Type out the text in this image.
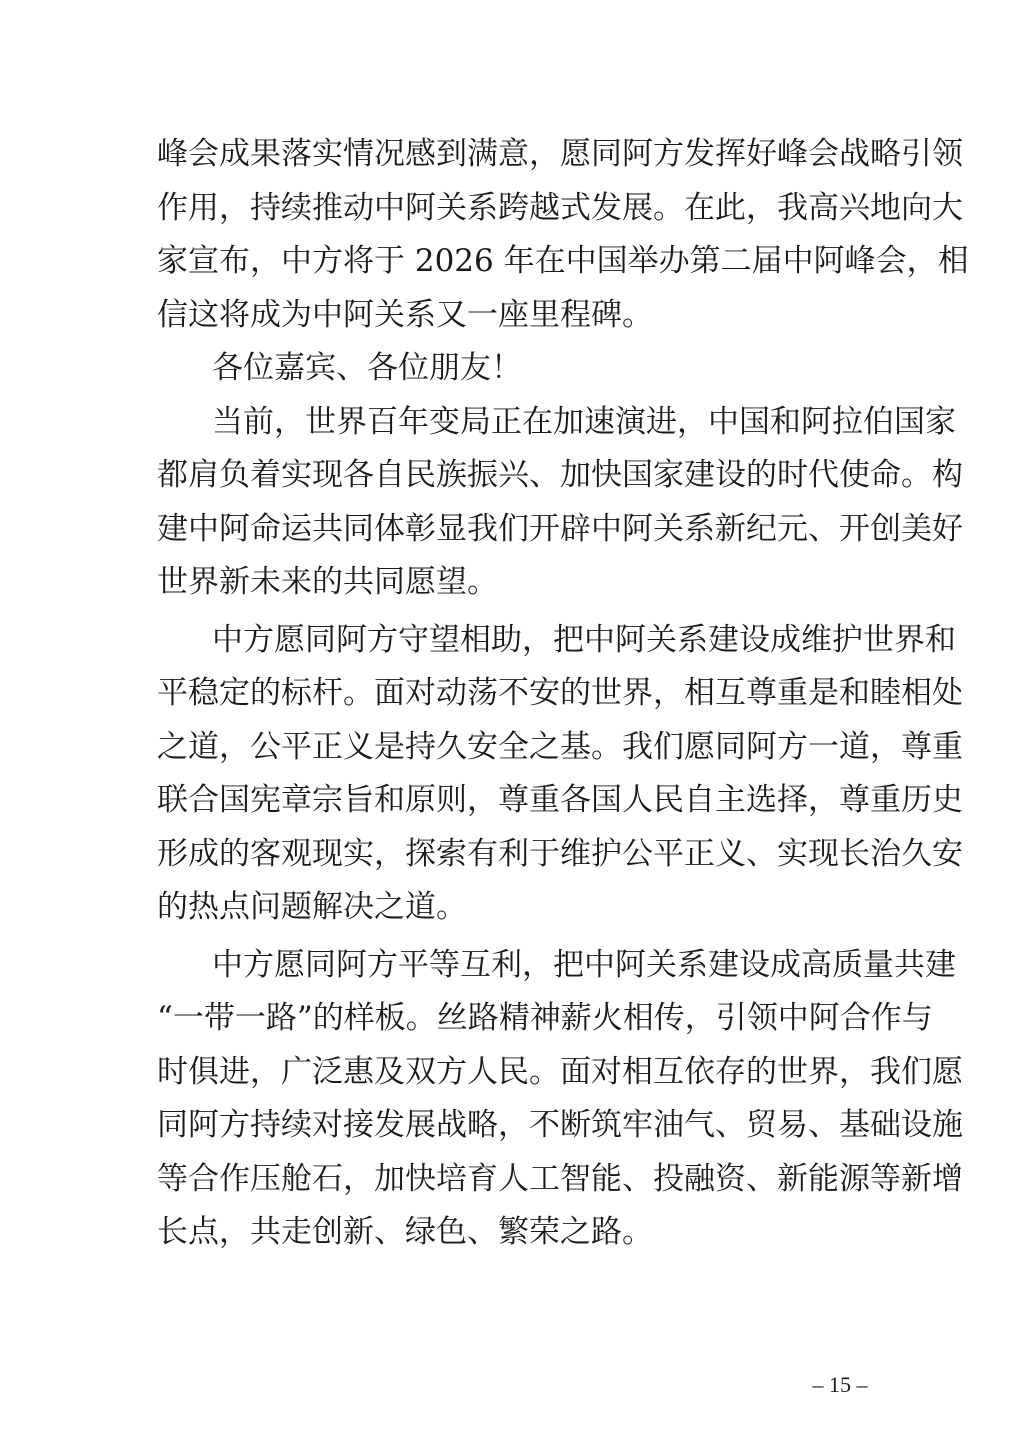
峰会成果落实情况感到满意，愿同阿方发挥好峰会战略引领
作用，持续推动中阿关系跨越式发展。在此，我高兴地向大
家宣布，中方将于 2026 年在中国举办第二届中阿峰会，相
信这将成为中阿关系又一座里程碑。
各位嘉宾、各位朋友！
当前，世界百年变局正在加速演进，中国和阿拉伯国家
都肩负着实现各自民族振兴、加快国家建设的时代使命。构
建中阿命运共同体彰显我们开辟中阿关系新纪元、开创美好
世界新未来的共同愿望。
中方愿同阿方守望相助，把中阿关系建设成维护世界和
平稳定的标杆。面对动荡不安的世界，相互尊重是和睦相处
之道，公平正义是持久安全之基。我们愿同阿方一道，尊重
联合国宪章宗旨和原则，尊重各国人民自主选择，尊重历史
形成的客观现实，探索有利于维护公平正义、实现长治久安
的热点问题解决之道。
中方愿同阿方平等互利，把中阿关系建设成高质量共建
“一带一路”的样板。丝路精神薪火相传，引领中阿合作与
时俱进，广泛惠及双方人民。面对相互依存的世界，我们愿
同阿方持续对接发展战略，不断筑牢油气、贸易、基础设施
等合作压舱石，加快培育人工智能、投融资、新能源等新增
长点，共走创新、绿色、繁荣之路。
– 15 –
